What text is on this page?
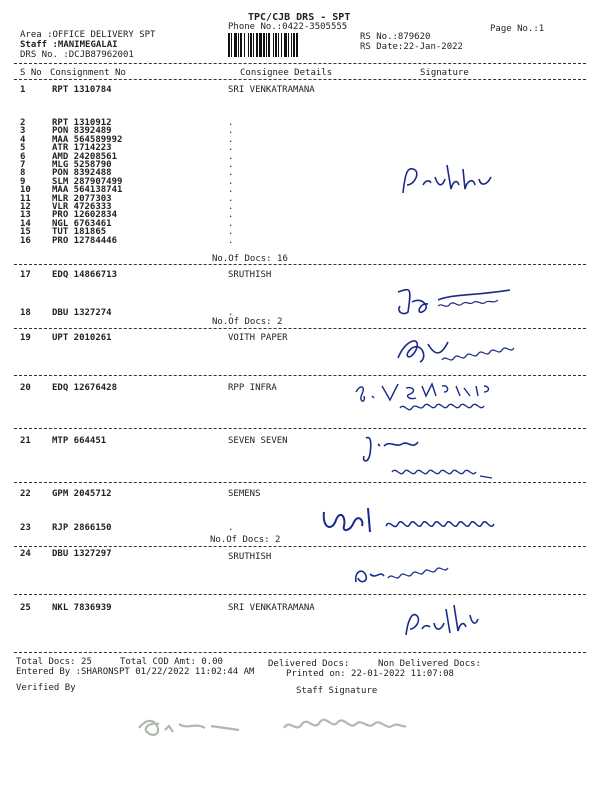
TPC/CJB DRS - SPT
Phone No.:0422-3505555	Page No.:1
Area :OFFICE DELIVERY SPT
Staff :MANIMEGALAI
DRS No. :DCJB87962001
RS No.:879620
RS Date:22-Jan-2022
S No Consignment No	Consignee Details	Signature
1	RPT 1310784	SRI VENKATRAMANA
2	RPT 1310912	.
3	PON 8392489	.
4	MAA 564589992	.
5	ATR 1714223	.
6	AMD 24208561	.
7	MLG 5258790	.
8	PON 8392488	.
9	SLM 287907499	.
10 MAA 564138741	.
11 MLR 2077303	.
12 VLR 4726333	.
13 PRO 12602834	.
14 NGL 6763461	.
15 TUT 181865	.
16 PRO 12784446	.
No.Of Docs: 16
17 EDQ 14866713	SRUTHISH
18 DBU 1327274	.
No.Of Docs: 2
19 UPT 2010261	VOITH PAPER
20 EDQ 12676428	RPP INFRA
21 MTP 664451	SEVEN SEVEN
22 GPM 2045712	SEMENS
23 RJP 2866150	.
No.Of Docs: 2
24 DBU 1327297	SRUTHISH
25 NKL 7836939	SRI VENKATRAMANA
Total Docs: 25	Total COD Amt: 0.00	Delivered Docs:	Non Delivered Docs:
Entered By :SHARONSPT 01/22/2022 11:02:44 AM	Printed on: 22-01-2022 11:07:08
Verified By	Staff Signature
